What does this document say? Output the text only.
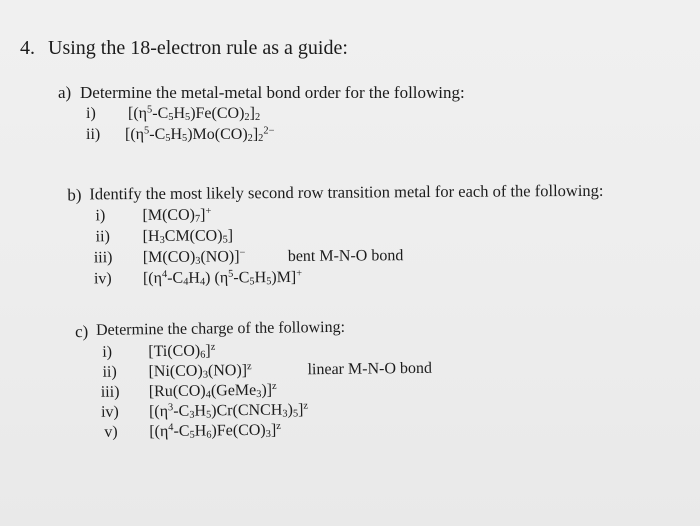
4. Using the 18-electron rule as a guide:
a) Determine the metal-metal bond order for the following:
i) $[(\eta^5-C_5H_5)Fe(CO)_2]_2$
ii) $[(\eta^5-C_5H_5)Mo(CO)_2]_2^{2-}$
b) Identify the most likely second row transition metal for each of the following:
i) $[M(CO)_7]^+$
ii) $[H_3CM(CO)_5]$
iii) $[M(CO)_3(NO)]^-$	bent M-N-O bond
iv) [$(\eta^4-C_4H_4)$ $(\eta^5-C_5H_5)M]^+$
c) Determine the charge of the following:
i) $[Ti(CO)_6]^z$
ii) $[Ni(CO)_3(NO)]^z$	linear M-N-O bond
iii) $[Ru(CO)_4(GeMe_3)]^z$
iv) $[(\eta^3-C_3H_5)Cr(CNCH_3)_5]^z$
v) $[(\eta^4-C_5H_6)Fe(CO)_3]^z$
